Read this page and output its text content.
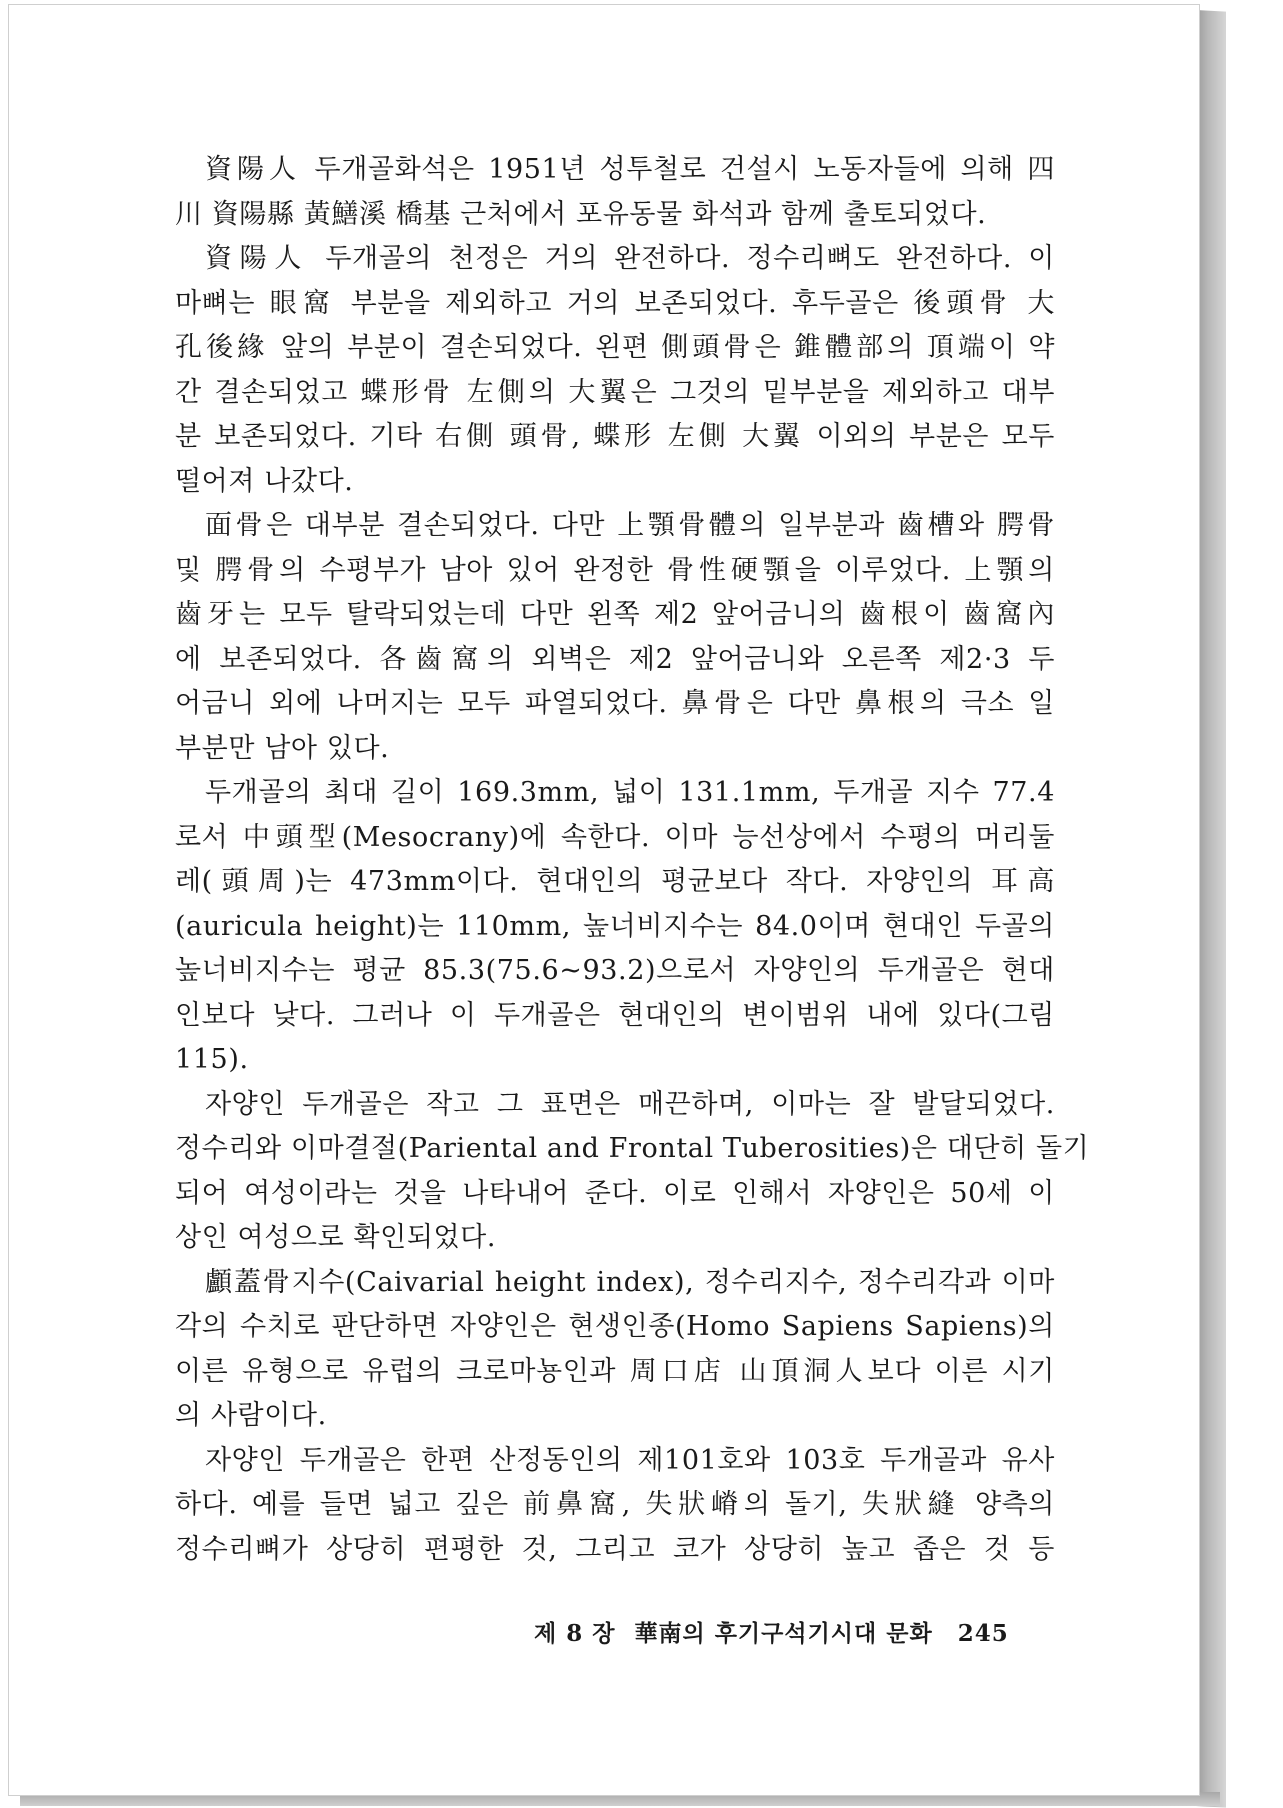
資陽人 두개골화석은 1951년 성투철로 건설시 노동자들에 의해 四
川 資陽縣 黃鱔溪 橋基 근처에서 포유동물 화석과 함께 출토되었다.
資陽人 두개골의 천정은 거의 완전하다. 정수리뼈도 완전하다. 이
마뼈는 眼窩 부분을 제외하고 거의 보존되었다. 후두골은 後頭骨 大
孔後緣 앞의 부분이 결손되었다. 왼편 側頭骨은 錐體部의 頂端이 약
간 결손되었고 蝶形骨 左側의 大翼은 그것의 밑부분을 제외하고 대부
분 보존되었다. 기타 右側 頭骨, 蝶形 左側 大翼 이외의 부분은 모두
떨어져 나갔다.
面骨은 대부분 결손되었다. 다만 上顎骨體의 일부분과 齒槽와 腭骨
및 腭骨의 수평부가 남아 있어 완정한 骨性硬顎을 이루었다. 上顎의
齒牙는 모두 탈락되었는데 다만 왼쪽 제2 앞어금니의 齒根이 齒窩內
에 보존되었다. 各齒窩의 외벽은 제2 앞어금니와 오른쪽 제2·3 두
어금니 외에 나머지는 모두 파열되었다. 鼻骨은 다만 鼻根의 극소 일
부분만 남아 있다.
두개골의 최대 길이 169.3mm, 넓이 131.1mm, 두개골 지수 77.4
로서 中頭型(Mesocrany)에 속한다. 이마 능선상에서 수평의 머리둘
레(頭周)는 473mm이다. 현대인의 평균보다 작다. 자양인의 耳高
(auricula height)는 110mm, 높너비지수는 84.0이며 현대인 두골의
높너비지수는 평균 85.3(75.6~93.2)으로서 자양인의 두개골은 현대
인보다 낮다. 그러나 이 두개골은 현대인의 변이범위 내에 있다(그림
115).
자양인 두개골은 작고 그 표면은 매끈하며, 이마는 잘 발달되었다.
정수리와 이마결절(Pariental and Frontal Tuberosities)은 대단히 돌기
되어 여성이라는 것을 나타내어 준다. 이로 인해서 자양인은 50세 이
상인 여성으로 확인되었다.
顱蓋骨지수(Caivarial height index), 정수리지수, 정수리각과 이마
각의 수치로 판단하면 자양인은 현생인종(Homo Sapiens Sapiens)의
이른 유형으로 유럽의 크로마뇽인과 周口店 山頂洞人보다 이른 시기
의 사람이다.
자양인 두개골은 한편 산정동인의 제101호와 103호 두개골과 유사
하다. 예를 들면 넓고 깊은 前鼻窩, 失狀嵴의 돌기, 失狀縫 양측의
정수리뼈가 상당히 편평한 것, 그리고 코가 상당히 높고 좁은 것 등
제 8 장 華南의 후기구석기시대 문화 245
